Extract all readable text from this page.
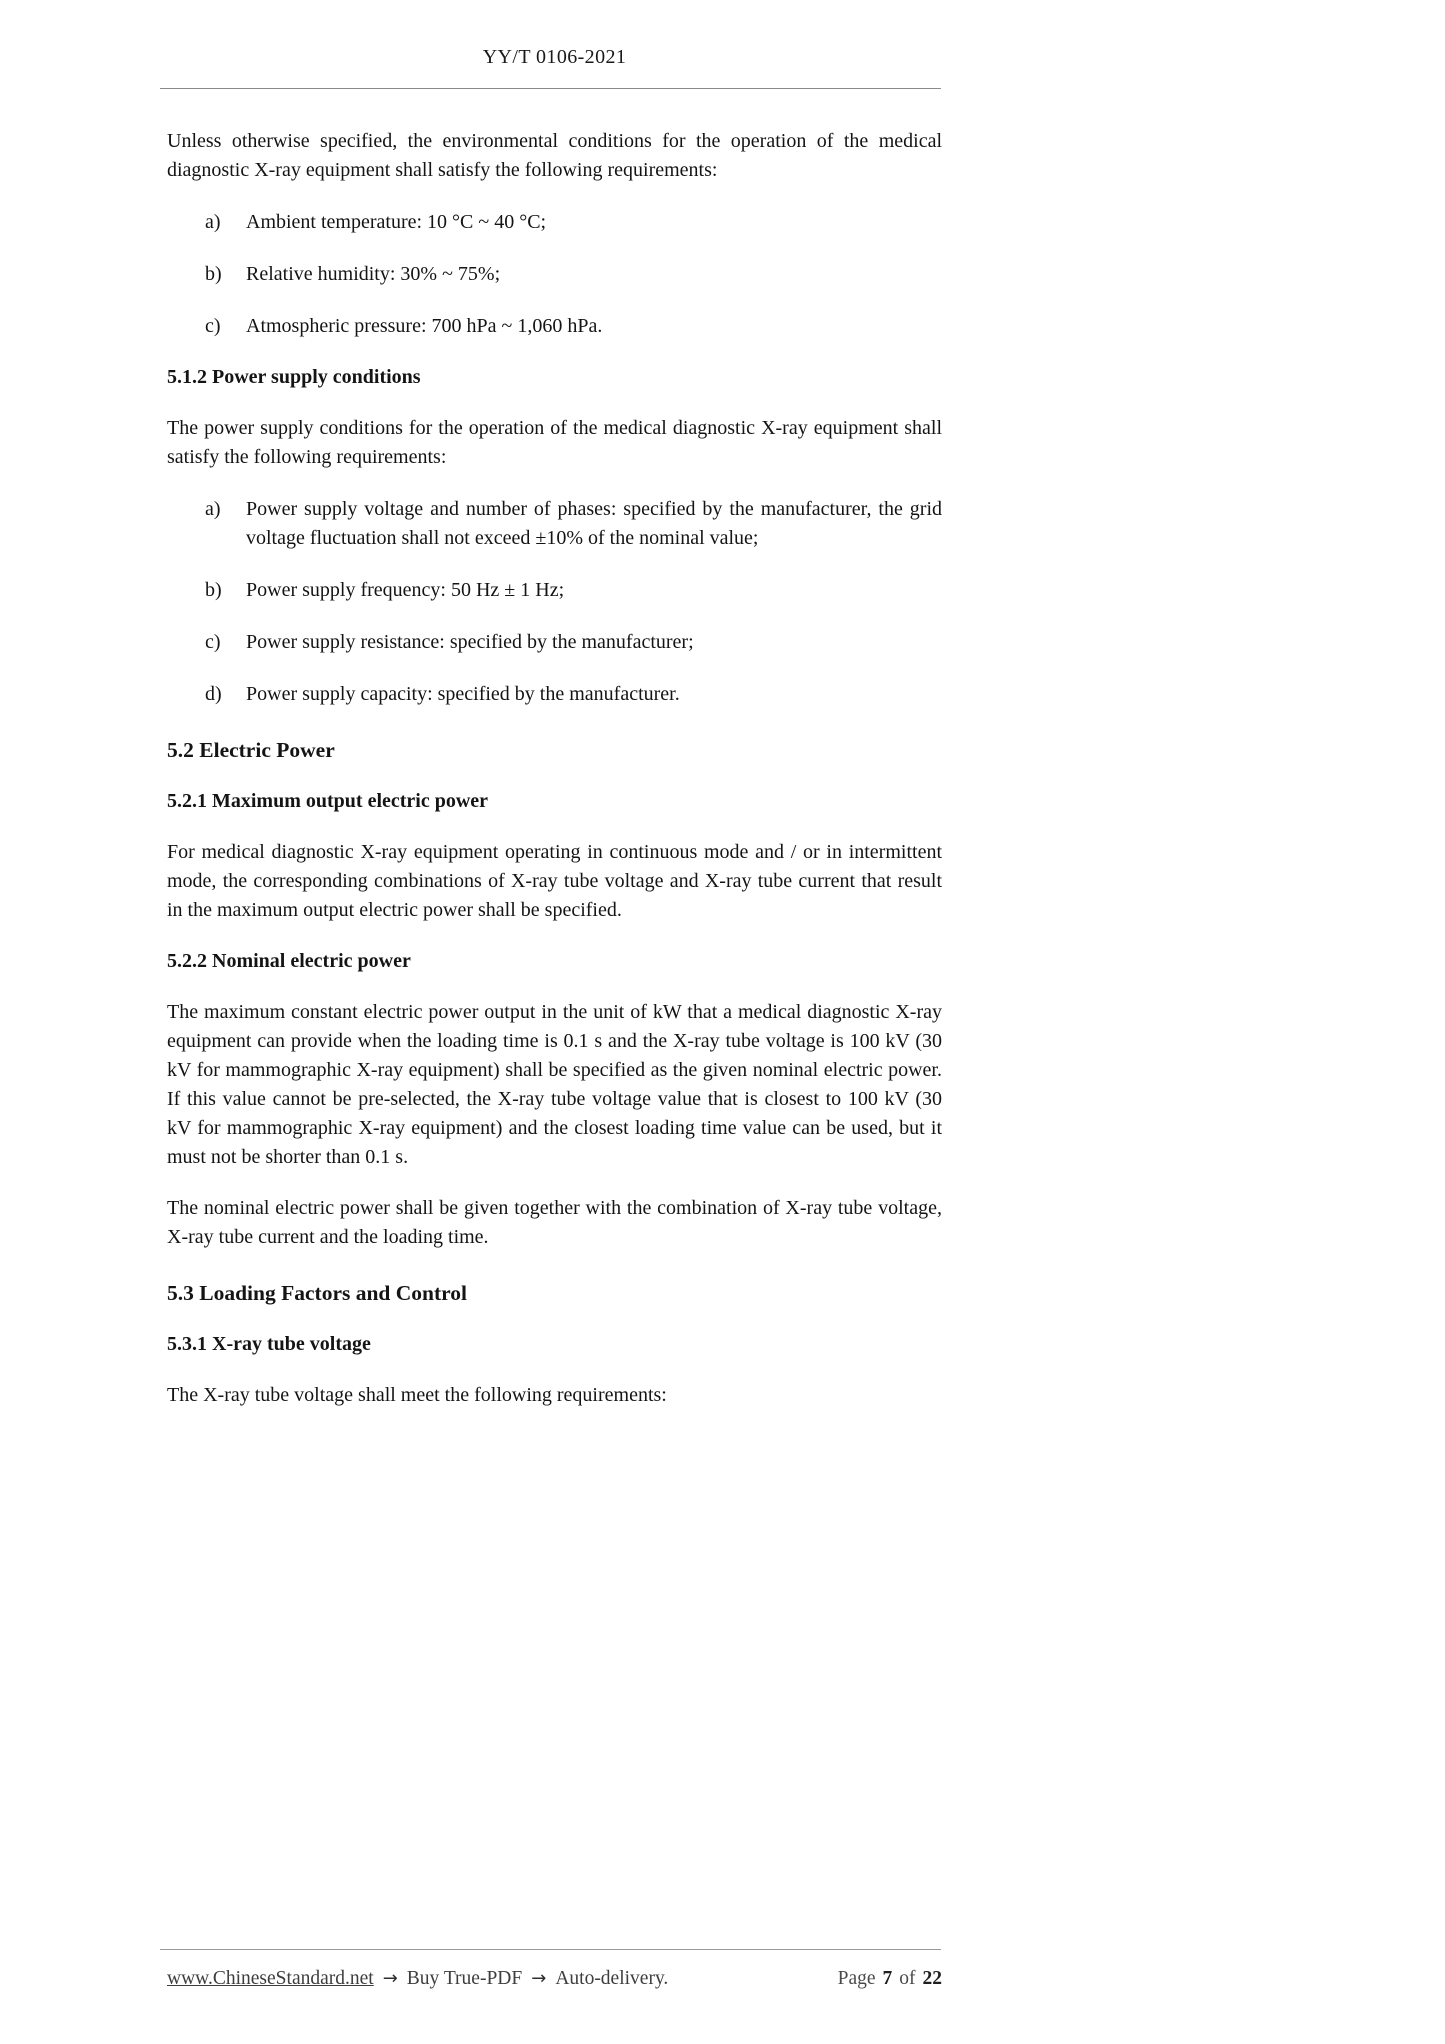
YY/T 0106-2021

Unless otherwise specified, the environmental conditions for the operation of the medical diagnostic X-ray equipment shall satisfy the following requirements:

a)	Ambient temperature: 10 °C ~ 40 °C;
b)	Relative humidity: 30% ~ 75%;
c)	Atmospheric pressure: 700 hPa ~ 1,060 hPa.
5.1.2 Power supply conditions

The power supply conditions for the operation of the medical diagnostic X-ray equipment shall satisfy the following requirements:

a)	Power supply voltage and number of phases: specified by the manufacturer, the grid voltage fluctuation shall not exceed ±10% of the nominal value;
b)	Power supply frequency: 50 Hz ± 1 Hz;
c)	Power supply resistance: specified by the manufacturer;
d)	Power supply capacity: specified by the manufacturer.
5.2 Electric Power
5.2.1 Maximum output electric power

For medical diagnostic X-ray equipment operating in continuous mode and / or in intermittent mode, the corresponding combinations of X-ray tube voltage and X-ray tube current that result in the maximum output electric power shall be specified.

5.2.2 Nominal electric power

The maximum constant electric power output in the unit of kW that a medical diagnostic X-ray equipment can provide when the loading time is 0.1 s and the X-ray tube voltage is 100 kV (30 kV for mammographic X-ray equipment) shall be specified as the given nominal electric power. If this value cannot be pre-selected, the X-ray tube voltage value that is closest to 100 kV (30 kV for mammographic X-ray equipment) and the closest loading time value can be used, but it must not be shorter than 0.1 s.

The nominal electric power shall be given together with the combination of X-ray tube voltage, X-ray tube current and the loading time.

5.3 Loading Factors and Control
5.3.1 X-ray tube voltage

The X-ray tube voltage shall meet the following requirements:

www.ChineseStandard.net → Buy True-PDF → Auto-delivery.	Page 7 of 22
